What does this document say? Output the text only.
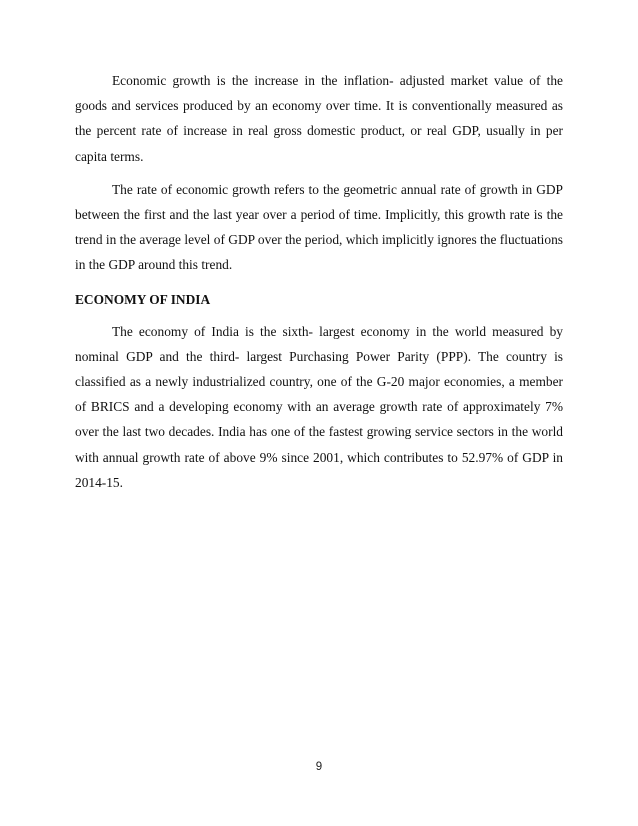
Economic growth is the increase in the inflation- adjusted market value of the goods and services produced by an economy over time. It is conventionally measured as the percent rate of increase in real gross domestic product, or real GDP, usually in per capita terms.

The rate of economic growth refers to the geometric annual rate of growth in GDP between the first and the last year over a period of time. Implicitly, this growth rate is the trend in the average level of GDP over the period, which implicitly ignores the fluctuations in the GDP around this trend.

ECONOMY OF INDIA

The economy of India is the sixth- largest economy in the world measured by nominal GDP and the third- largest Purchasing Power Parity (PPP). The country is classified as a newly industrialized country, one of the G-20 major economies, a member of BRICS and a developing economy with an average growth rate of approximately 7% over the last two decades. India has one of the fastest growing service sectors in the world with annual growth rate of above 9% since 2001, which contributes to 52.97% of GDP in 2014-15.

9
